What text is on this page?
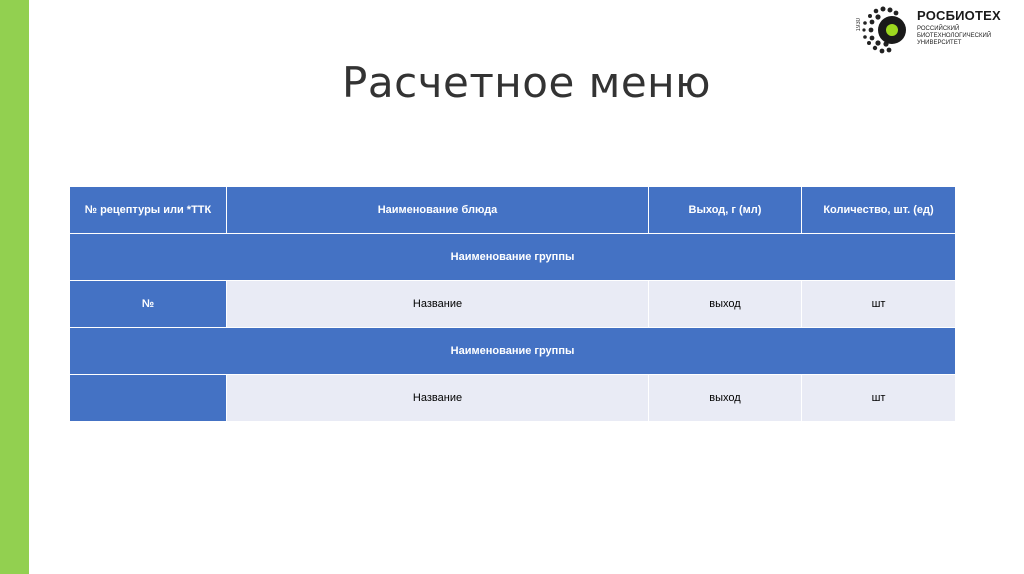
1930
РОСБИОТЕХ
РОССИЙСКИЙ БИОТЕХНОЛОГИЧЕСКИЙ УНИВЕРСИТЕТ
Расчетное меню
№ рецептуры или *ТТК	Наименование блюда	Выход, г (мл)	Количество, шт. (ед)
Наименование группы			
№	Название	выход	шт
Наименование группы			
	Название	выход	шт
